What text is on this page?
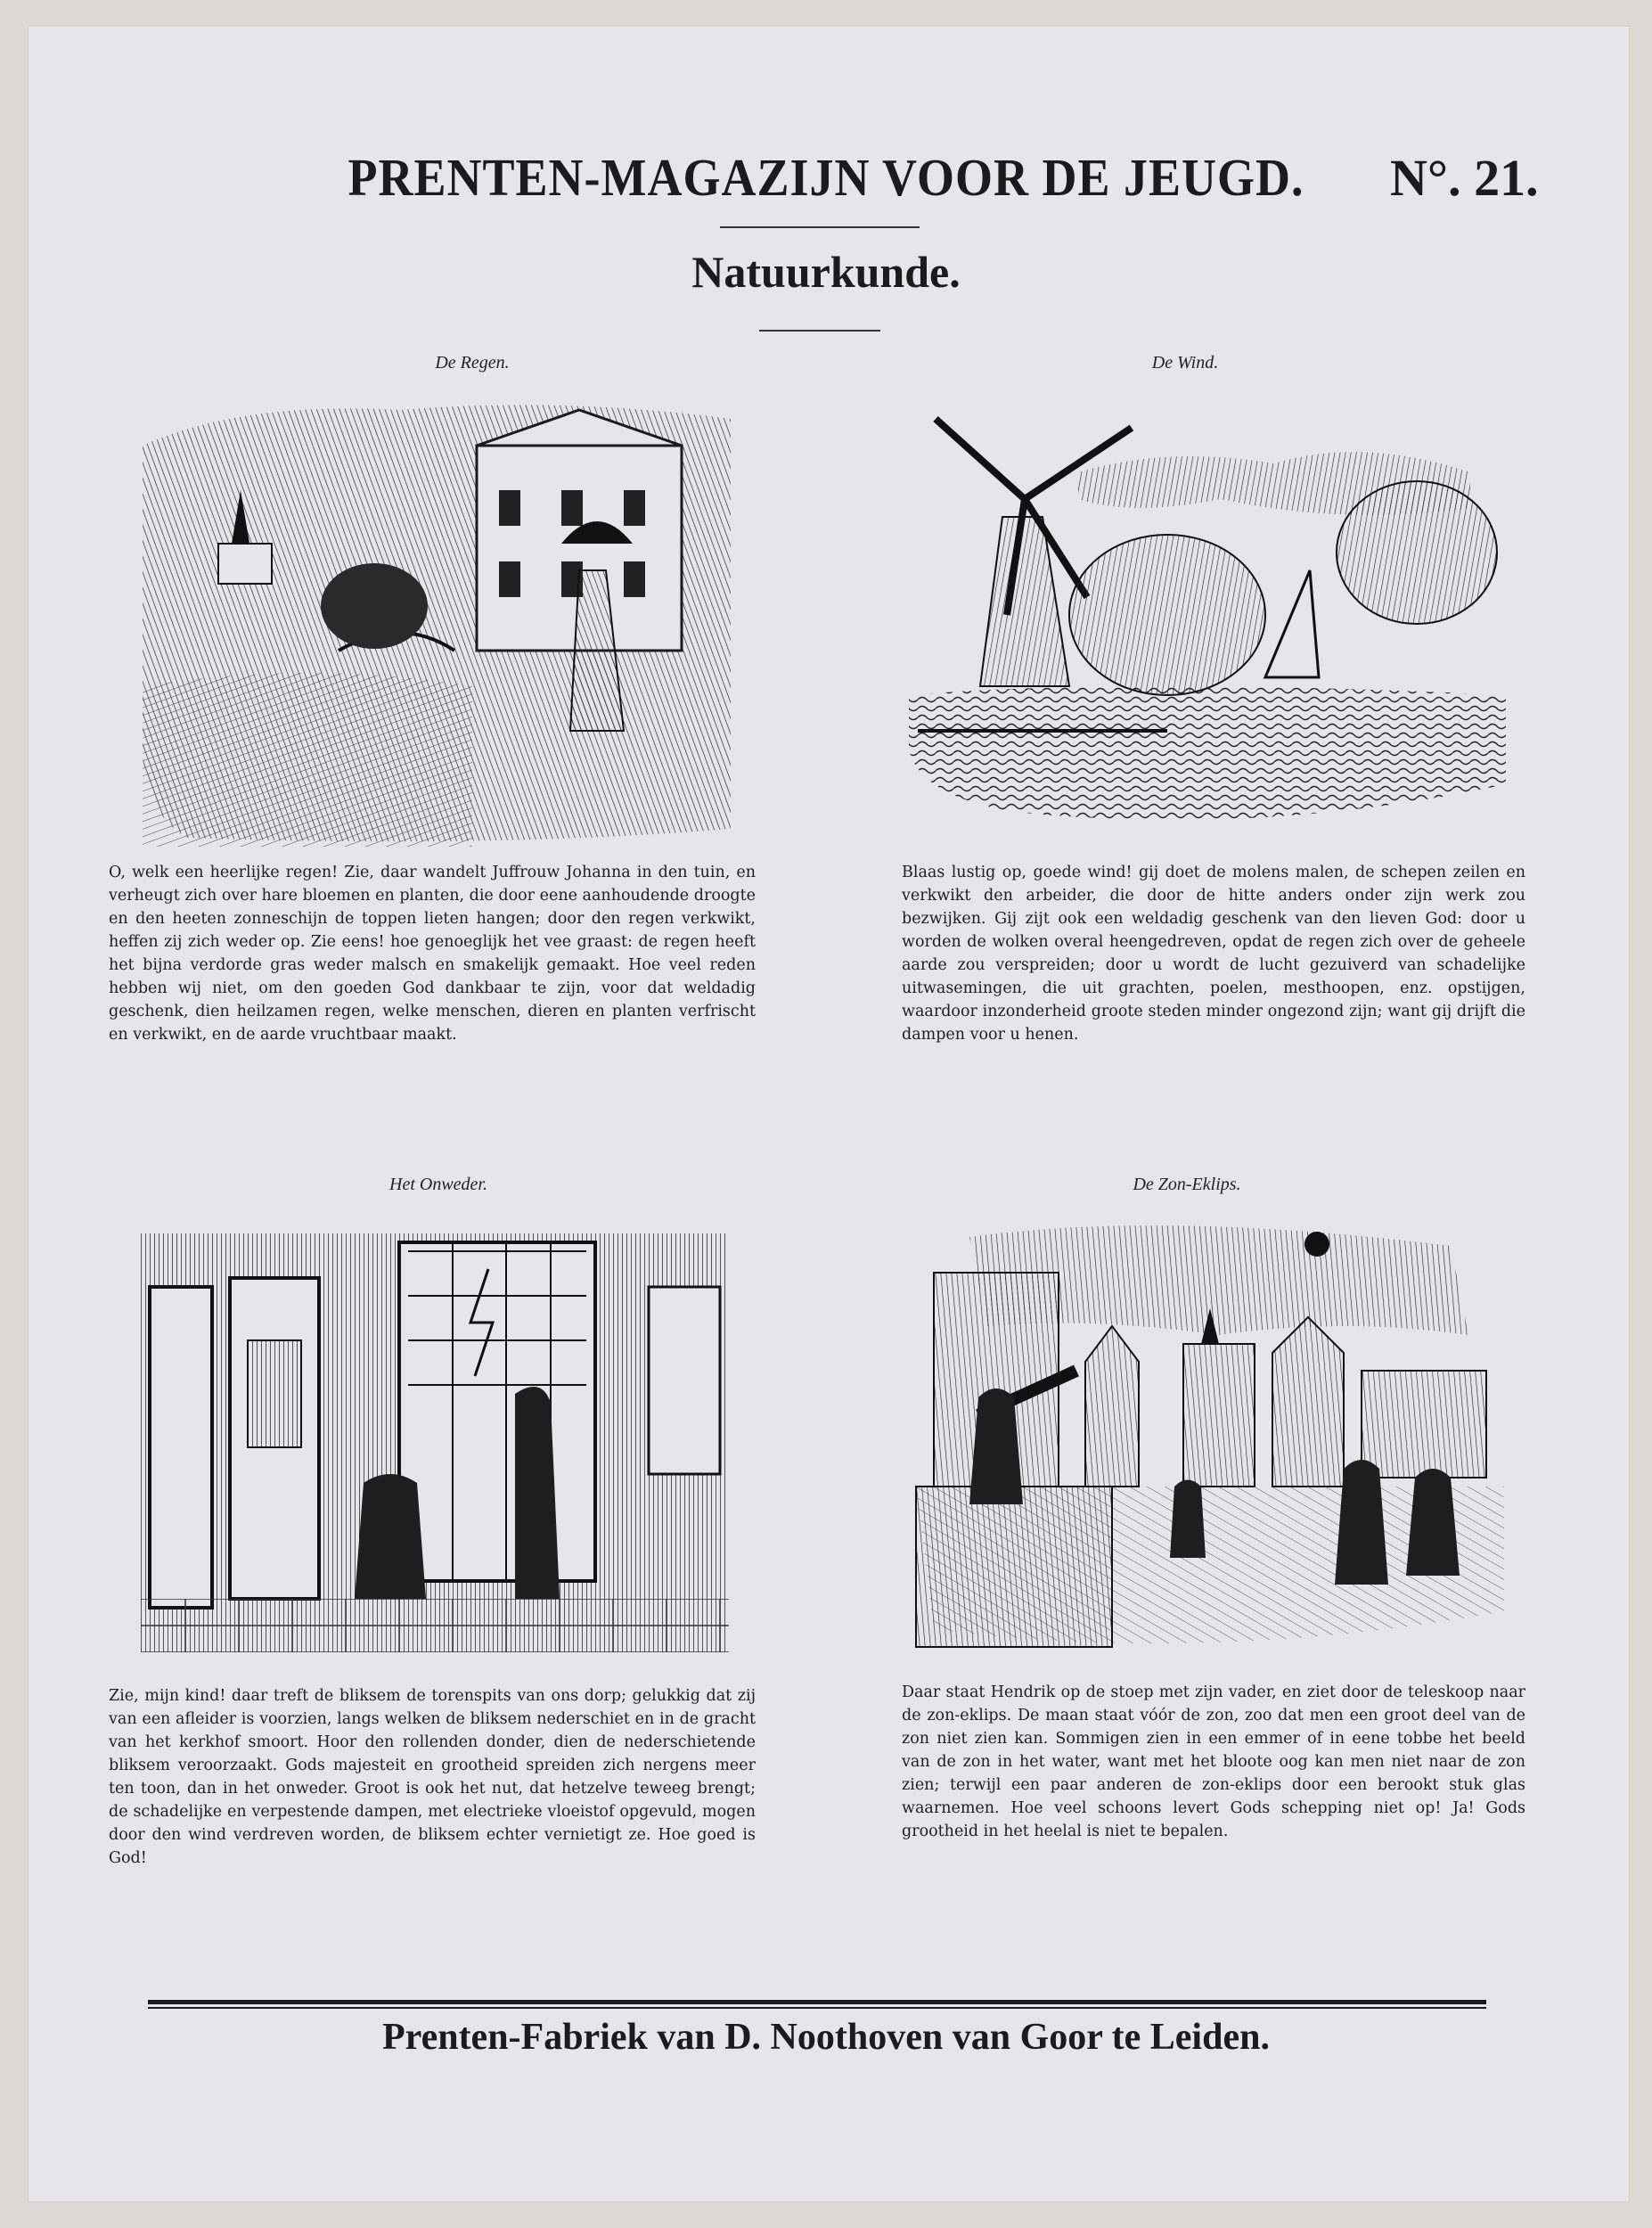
PRENTEN-MAGAZIJN VOOR DE JEUGD.	N°. 21.
Natuurkunde.
De Regen.

O, welk een heerlijke regen! Zie, daar wandelt Juffrouw Johanna in den tuin, en verheugt zich over hare bloemen en planten, die door eene aanhoudende droogte en den heeten zonneschijn de toppen lieten hangen; door den regen verkwikt, heffen zij zich weder op. Zie eens! hoe genoeglijk het vee graast: de regen heeft het bijna verdorde gras weder malsch en smakelijk gemaakt. Hoe veel reden hebben wij niet, om den goeden God dankbaar te zijn, voor dat weldadig geschenk, dien heilzamen regen, welke menschen, dieren en planten verfrischt en verkwikt, en de aarde vruchtbaar maakt.

De Wind.

Blaas lustig op, goede wind! gij doet de molens malen, de schepen zeilen en verkwikt den arbeider, die door de hitte anders onder zijn werk zou bezwijken. Gij zijt ook een weldadig geschenk van den lieven God: door u worden de wolken overal heengedreven, opdat de regen zich over de geheele aarde zou verspreiden; door u wordt de lucht gezuiverd van schadelijke uitwasemingen, die uit grachten, poelen, mesthoopen, enz. opstijgen, waardoor inzonderheid groote steden minder ongezond zijn; want gij drijft die dampen voor u henen.

Het Onweder.

Zie, mijn kind! daar treft de bliksem de torenspits van ons dorp; gelukkig dat zij van een afleider is voorzien, langs welken de bliksem nederschiet en in de gracht van het kerkhof smoort. Hoor den rollenden donder, dien de nederschietende bliksem veroorzaakt. Gods majesteit en grootheid spreiden zich nergens meer ten toon, dan in het onweder. Groot is ook het nut, dat hetzelve teweeg brengt; de schadelijke en verpestende dampen, met electrieke vloeistof opgevuld, mogen door den wind verdreven worden, de bliksem echter vernietigt ze. Hoe goed is God!

De Zon-Eklips.

Daar staat Hendrik op de stoep met zijn vader, en ziet door de teleskoop naar de zon-eklips. De maan staat vóór de zon, zoo dat men een groot deel van de zon niet zien kan. Sommigen zien in een emmer of in eene tobbe het beeld van de zon in het water, want met het bloote oog kan men niet naar de zon zien; terwijl een paar anderen de zon-eklips door een berookt stuk glas waarnemen. Hoe veel schoons levert Gods schepping niet op! Ja! Gods grootheid in het heelal is niet te bepalen.

Prenten-Fabriek van D. Noothoven van Goor te Leiden.
